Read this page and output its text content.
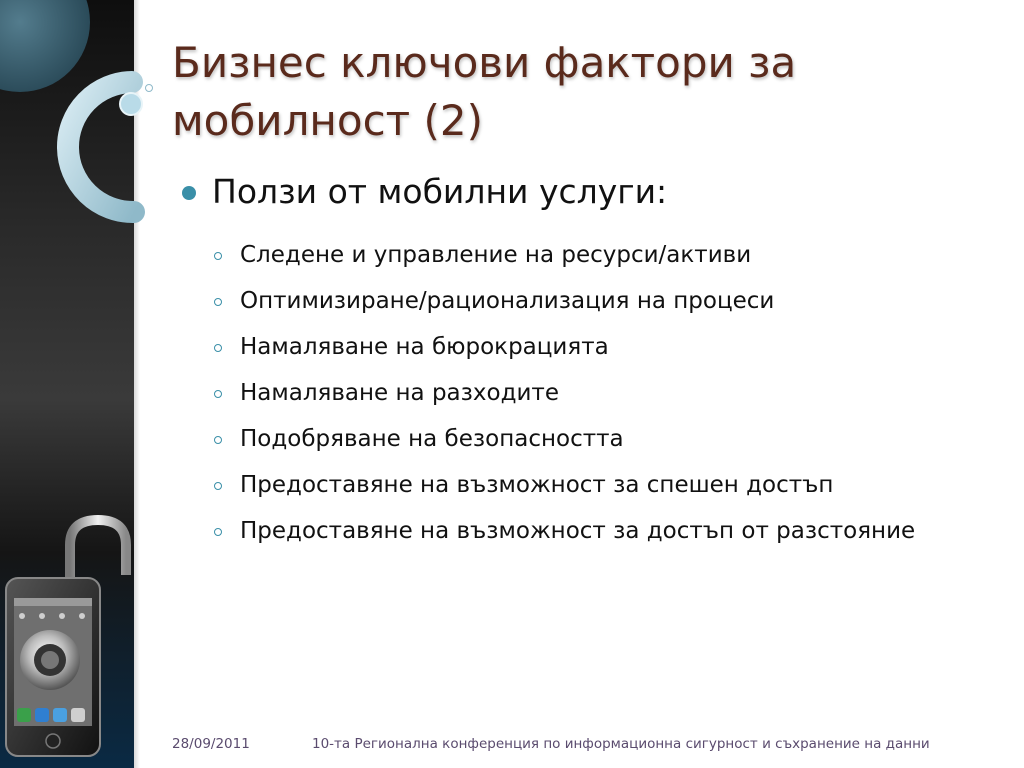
Бизнес ключови фактори за мобилност (2)
Ползи от мобилни услуги:
Следене и управление на ресурси/активи
Оптимизиране/рационализация на процеси
Намаляване на бюрокрацията
Намаляване на разходите
Подобряване на безопасността
Предоставяне на възможност за спешен достъп
Предоставяне на възможност за достъп от разстояние
28/09/2011	10-та Регионална конференция по информационна сигурност и съхранение на данни
